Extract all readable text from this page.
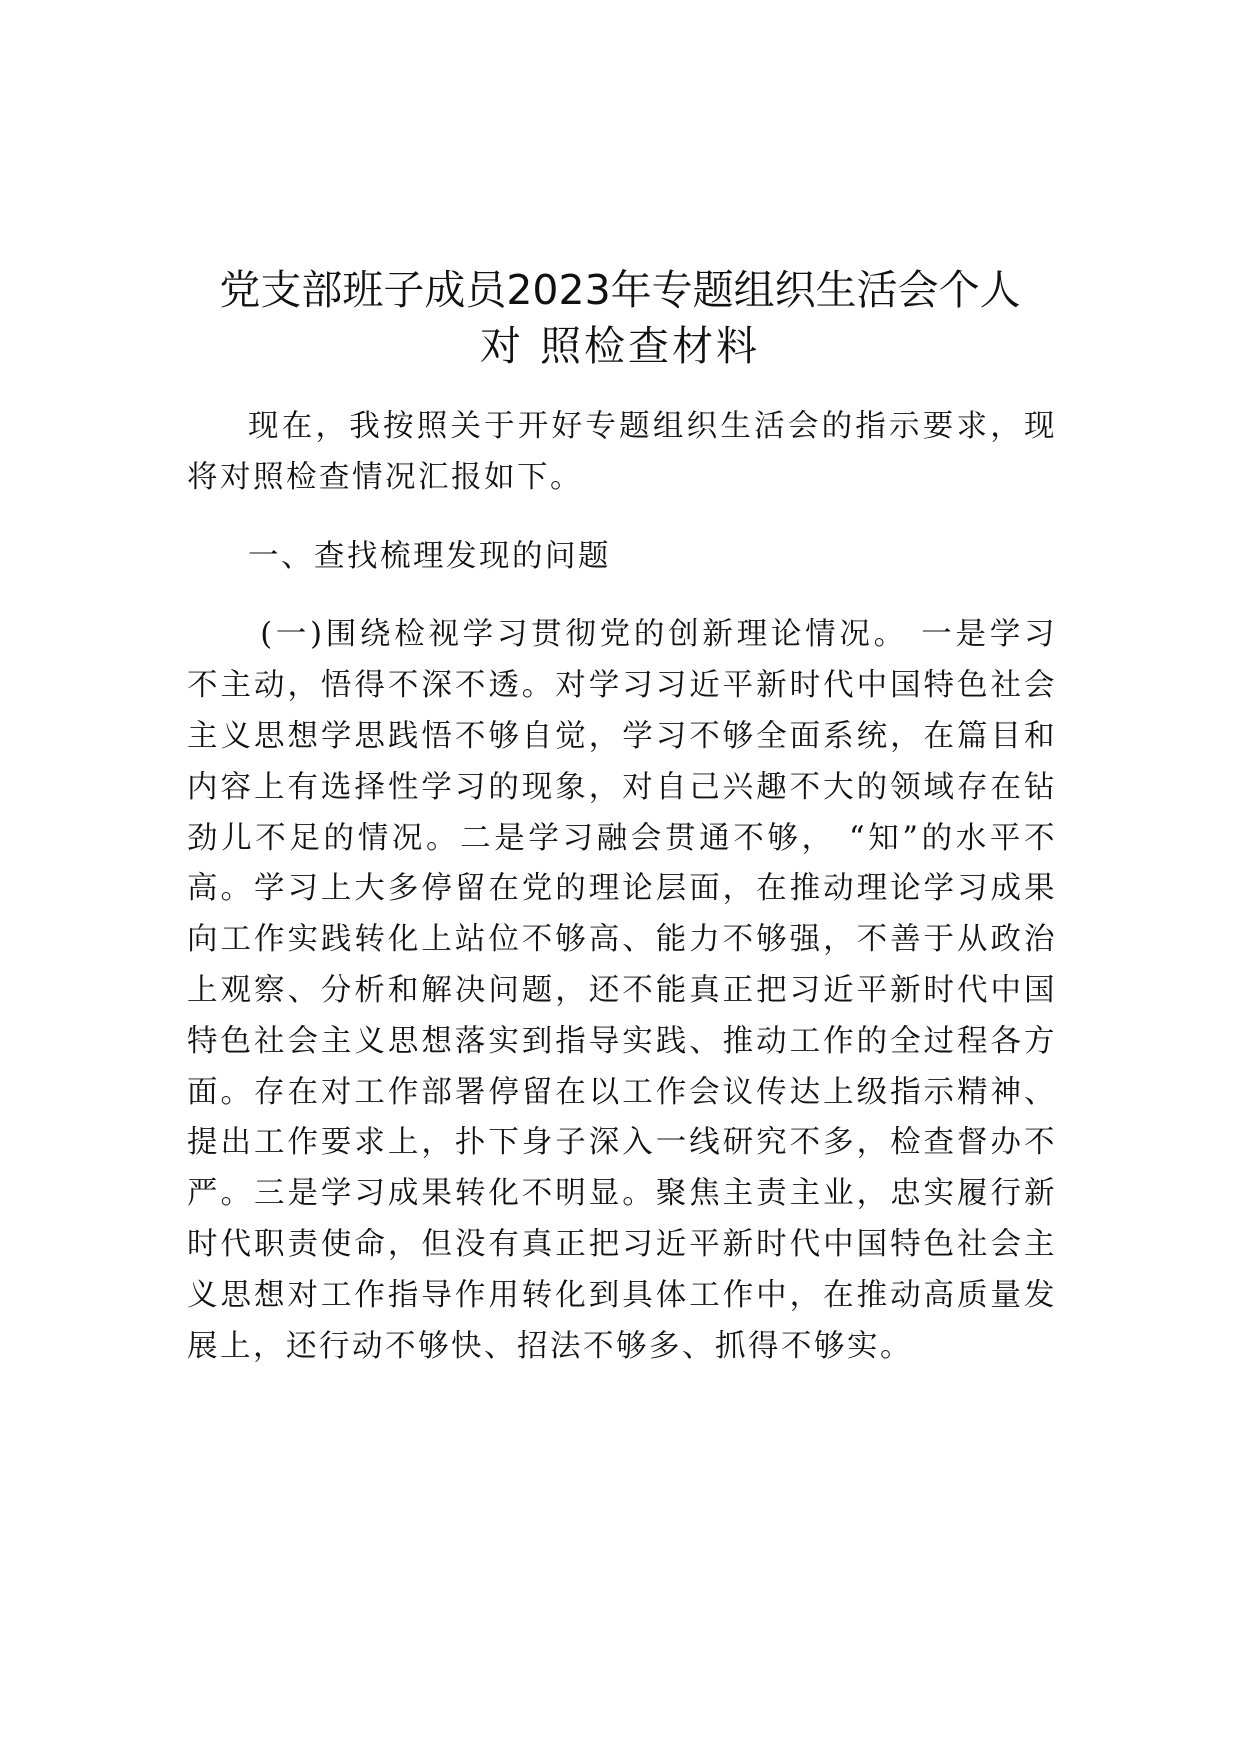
党支部班子成员2023年专题组织生活会个人
对 照检查材料

现在，我按照关于开好专题组织生活会的指示要求，现将对照检查情况汇报如下。

一、查找梳理发现的问题

(一)围绕检视学习贯彻党的创新理论情况。 一是学习不主动，悟得不深不透。对学习习近平新时代中国特色社会主义思想学思践悟不够自觉，学习不够全面系统，在篇目和内容上有选择性学习的现象，对自己兴趣不大的领域存在钻劲儿不足的情况。二是学习融会贯通不够， “知”的水平不高。学习上大多停留在党的理论层面，在推动理论学习成果向工作实践转化上站位不够高、能力不够强，不善于从政治上观察、分析和解决问题，还不能真正把习近平新时代中国特色社会主义思想落实到指导实践、推动工作的全过程各方面。存在对工作部署停留在以工作会议传达上级指示精神、提出工作要求上，扑下身子深入一线研究不多，检查督办不严。三是学习成果转化不明显。聚焦主责主业，忠实履行新时代职责使命，但没有真正把习近平新时代中国特色社会主义思想对工作指导作用转化到具体工作中，在推动高质量发展上，还行动不够快、招法不够多、抓得不够实。
